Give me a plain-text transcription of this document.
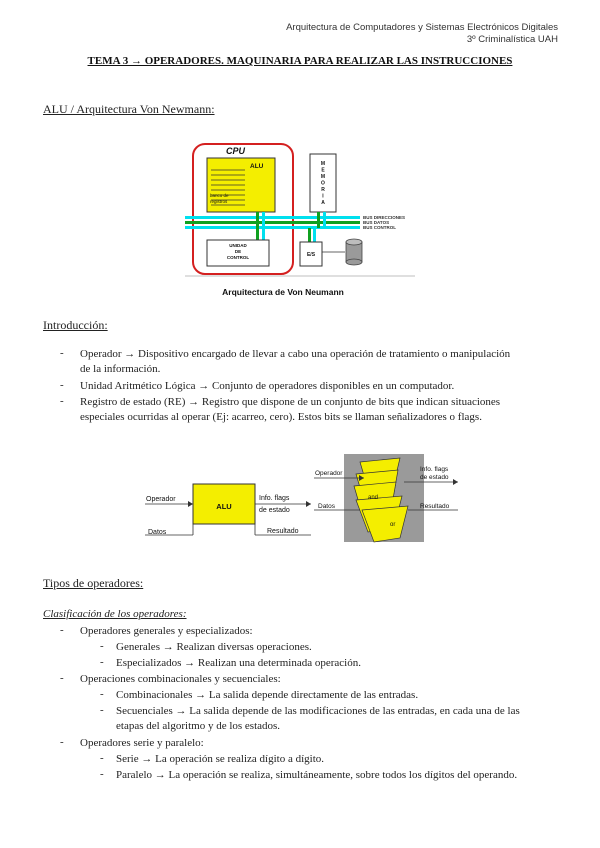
Arquitectura de Computadores y Sistemas Electrónicos Digitales
3º Criminalística UAH
TEMA 3 → OPERADORES. MAQUINARIA PARA REALIZAR LAS INSTRUCCIONES
ALU / Arquitectura Von Newmann:
CPU
ALU
banco de
registros
M E M O R I A
BUS DIRECCIONES
BUS DATOS
BUS CONTROL
UNIDAD
DE
CONTROL	E/S
Arquitectura de Von Neumann
Introducción:
- Operador → Dispositivo encargado de llevar a cabo una operación de tratamiento o manipulación
de la información.
- Unidad Aritmético Lógica → Conjunto de operadores disponibles en un computador.
- Registro de estado (RE) → Registro que dispone de un conjunto de bits que indican situaciones
especiales ocurridas al operar (Ej: acarreo, cero). Estos bits se llaman señalizadores o flags.
ALU
Operador
Datos
Info. flags
de estado
Resultado
and
or
Operador
Datos
Info. flags
de estado
Resultado
Tipos de operadores:
Clasificación de los operadores:
- Operadores generales y especializados:
- Generales → Realizan diversas operaciones.
- Especializados → Realizan una determinada operación.
- Operaciones combinacionales y secuenciales:
- Combinacionales → La salida depende directamente de las entradas.
- Secuenciales → La salida depende de las modificaciones de las entradas, en cada una de las
etapas del algoritmo y de los estados.
- Operadores serie y paralelo:
- Serie → La operación se realiza dígito a dígito.
- Paralelo → La operación se realiza, simultáneamente, sobre todos los dígitos del operando.
